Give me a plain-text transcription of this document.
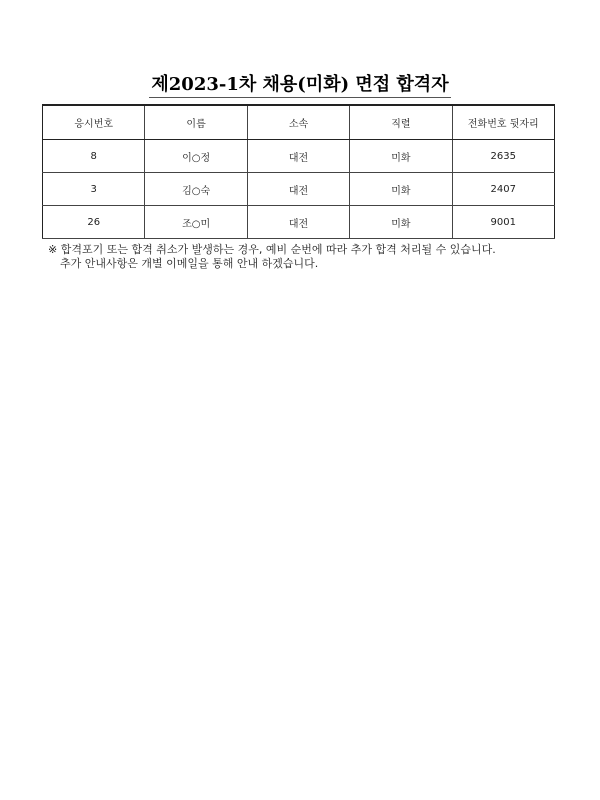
제2023-1차 채용(미화) 면접 합격자
응시번호	이름	소속	직렬	전화번호 뒷자리
8	이○정	대전	미화	2635
3	김○숙	대전	미화	2407
26	조○미	대전	미화	9001
※ 합격포기 또는 합격 취소가 발생하는 경우, 예비 순번에 따라 추가 합격 처리될 수 있습니다.
추가 안내사항은 개별 이메일을 통해 안내 하겠습니다.
